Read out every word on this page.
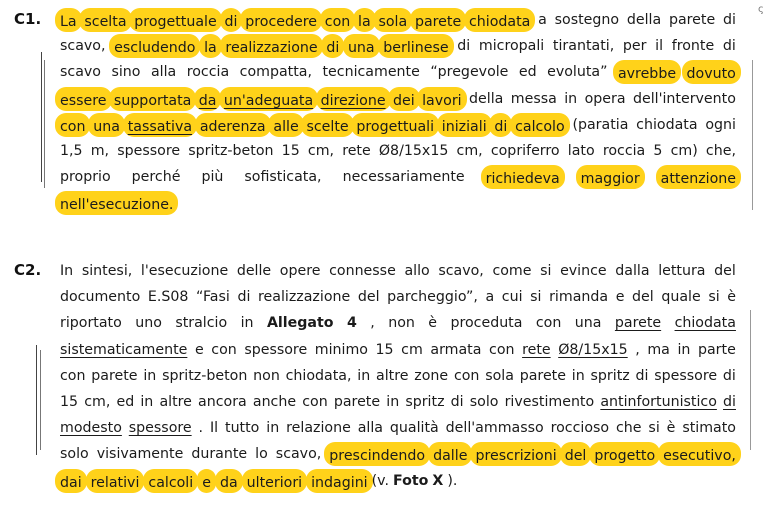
C1.	La scelta progettuale di procedere con la sola parete chiodata a sostegno della parete di
scavo, escludendo la realizzazione di una berlinese di micropali tirantati, per il fronte di
scavo sino alla roccia compatta, tecnicamente “pregevole ed evoluta” avrebbe dovuto
essere supportata da un'adeguata direzione dei lavori della messa in opera dell'intervento
con una tassativa aderenza alle scelte progettuali iniziali di calcolo (paratia chiodata ogni
1,5 m, spessore spritz-beton 15 cm, rete Ø8/15x15 cm, copriferro lato roccia 5 cm) che,
proprio perché più sofisticata, necessariamente	richiedeva	maggior	attenzione
nell'esecuzione.
C2. In sintesi, l'esecuzione delle opere connesse allo scavo, come si evince dalla lettura del
documento E.S08 “Fasi di realizzazione del parcheggio”, a cui si rimanda e del quale si è
riportato uno stralcio in Allegato 4 , non è proceduta con una parete chiodata
sistematicamente e con spessore minimo 15 cm armata con rete Ø8/15x15 , ma in parte
con parete in spritz-beton non chiodata, in altre zone con sola parete in spritz di spessore di
15 cm, ed in altre ancora anche con parete in spritz di solo rivestimento antinfortunistico di
modesto spessore . Il tutto in relazione alla qualità dell'ammasso roccioso che si è stimato
solo visivamente durante lo scavo, prescindendo dalle prescrizioni del progetto esecutivo,
dai relativi calcoli e da ulteriori indagini (v. Foto X ).
ς
